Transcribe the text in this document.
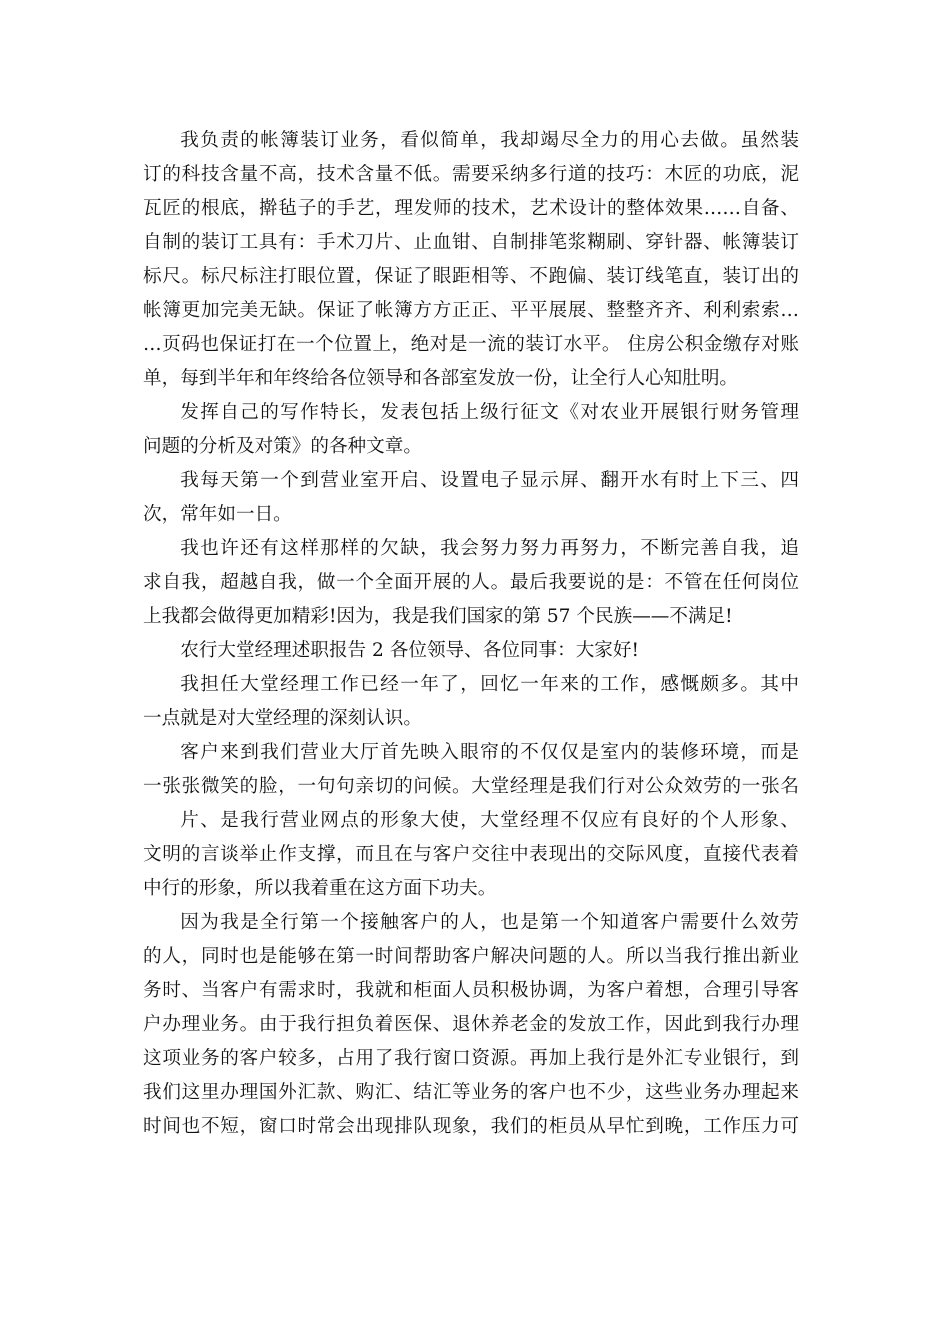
我负责的帐簿装订业务，看似简单，我却竭尽全力的用心去做。虽然装
订的科技含量不高，技术含量不低。需要采纳多行道的技巧：木匠的功底，泥
瓦匠的根底，擀毡子的手艺，理发师的技术，艺术设计的整体效果……自备、
自制的装订工具有：手术刀片、止血钳、自制排笔浆糊刷、穿针器、帐簿装订
标尺。标尺标注打眼位置，保证了眼距相等、不跑偏、装订线笔直，装订出的
帐簿更加完美无缺。保证了帐簿方方正正、平平展展、整整齐齐、利利索索…
…页码也保证打在一个位置上，绝对是一流的装订水平。 住房公积金缴存对账
单，每到半年和年终给各位领导和各部室发放一份，让全行人心知肚明。
发挥自己的写作特长，发表包括上级行征文《对农业开展银行财务管理
问题的分析及对策》的各种文章。
我每天第一个到营业室开启、设置电子显示屏、翻开水有时上下三、四
次，常年如一日。
我也许还有这样那样的欠缺，我会努力努力再努力，不断完善自我，追
求自我，超越自我，做一个全面开展的人。最后我要说的是：不管在任何岗位
上我都会做得更加精彩!因为，我是我们国家的第 57 个民族——不满足!
农行大堂经理述职报告 2 各位领导、各位同事：大家好!
我担任大堂经理工作已经一年了，回忆一年来的工作，感慨颇多。其中
一点就是对大堂经理的深刻认识。
客户来到我们营业大厅首先映入眼帘的不仅仅是室内的装修环境，而是
一张张微笑的脸，一句句亲切的问候。大堂经理是我们行对公众效劳的一张名
片、是我行营业网点的形象大使，大堂经理不仅应有良好的个人形象、
文明的言谈举止作支撑，而且在与客户交往中表现出的交际风度，直接代表着
中行的形象，所以我着重在这方面下功夫。
因为我是全行第一个接触客户的人，也是第一个知道客户需要什么效劳
的人，同时也是能够在第一时间帮助客户解决问题的人。所以当我行推出新业
务时、当客户有需求时，我就和柜面人员积极协调，为客户着想，合理引导客
户办理业务。由于我行担负着医保、退休养老金的发放工作，因此到我行办理
这项业务的客户较多，占用了我行窗口资源。再加上我行是外汇专业银行，到
我们这里办理国外汇款、购汇、结汇等业务的客户也不少，这些业务办理起来
时间也不短，窗口时常会出现排队现象，我们的柜员从早忙到晚，工作压力可
